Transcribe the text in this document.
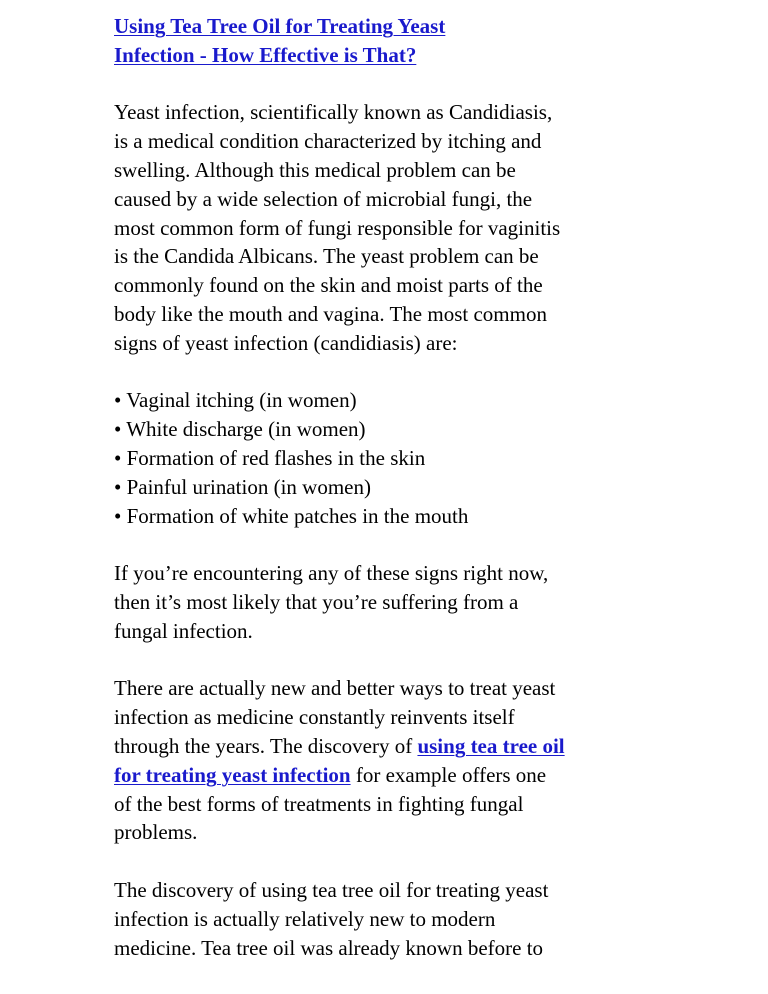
Using Tea Tree Oil for Treating Yeast
Infection - How Effective is That?

Yeast infection, scientifically known as Candidiasis,
is a medical condition characterized by itching and
swelling. Although this medical problem can be
caused by a wide selection of microbial fungi, the
most common form of fungi responsible for vaginitis
is the Candida Albicans. The yeast problem can be
commonly found on the skin and moist parts of the
body like the mouth and vagina. The most common
signs of yeast infection (candidiasis) are:

• Vaginal itching (in women)
• White discharge (in women)
• Formation of red flashes in the skin
• Painful urination (in women)
• Formation of white patches in the mouth

If you’re encountering any of these signs right now,
then it’s most likely that you’re suffering from a
fungal infection.

There are actually new and better ways to treat yeast
infection as medicine constantly reinvents itself
through the years. The discovery of using tea tree oil
for treating yeast infection for example offers one
of the best forms of treatments in fighting fungal
problems.

The discovery of using tea tree oil for treating yeast
infection is actually relatively new to modern
medicine. Tea tree oil was already known before to
